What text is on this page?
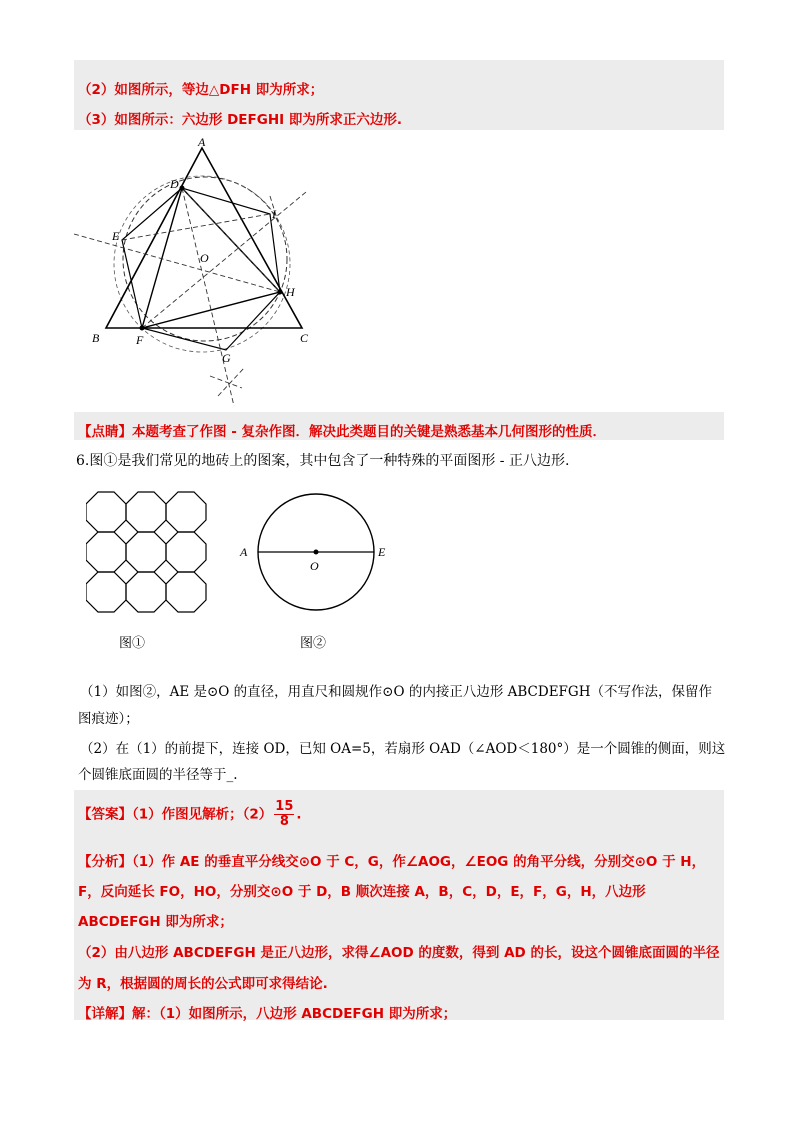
（2）如图所示，等边△DFH 即为所求；
（3）如图所示：六边形 DEFGHI 即为所求正六边形.
A
B	C
D
E
F
G
H
I
O
【点睛】本题考查了作图 - 复杂作图．解决此类题目的关键是熟悉基本几何图形的性质．
6.图①是我们常见的地砖上的图案，其中包含了一种特殊的平面图形 - 正八边形.
图①
A
O
E
图②
（1）如图②，AE 是⊙O 的直径，用直尺和圆规作⊙O 的内接正八边形 ABCDEFGH（不写作法，保留作
图痕迹）；
（2）在（1）的前提下，连接 OD，已知 OA=5，若扇形 OAD（∠AOD＜180°）是一个圆锥的侧面，则这
个圆锥底面圆的半径等于_.
【答案】（1）作图见解析；$(2) \frac{15}{8}$ .
【分析】（1）作 AE 的垂直平分线交⊙O 于 C，G，作∠AOG，∠EOG 的角平分线，分别交⊙O 于 H，
F，反向延长 FO，HO，分别交⊙O 于 D，B 顺次连接 A，B，C，D，E，F，G，H，八边形
ABCDEFGH 即为所求；
（2）由八边形 ABCDEFGH 是正八边形，求得∠AOD 的度数，得到 AD 的长，设这个圆锥底面圆的半径
为 R，根据圆的周长的公式即可求得结论.
【详解】解：（1）如图所示，八边形 ABCDEFGH 即为所求；
